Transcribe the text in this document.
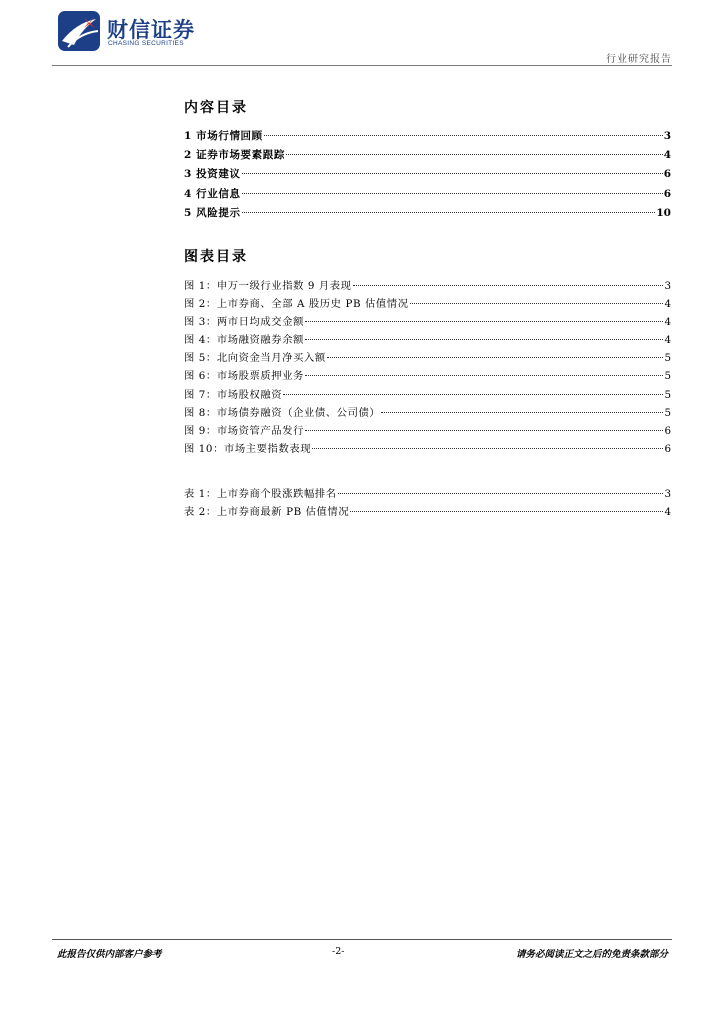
财信证券
CHASING SECURITIES
行业研究报告
内容目录
1 市场行情回顾	3
2 证券市场要素跟踪	4
3 投资建议	6
4 行业信息	6
5 风险提示	10
图表目录
图 1：申万一级行业指数 9 月表现	3
图 2：上市券商、全部 A 股历史 PB 估值情况	4
图 3：两市日均成交金额	4
图 4：市场融资融券余额	4
图 5：北向资金当月净买入额	5
图 6：市场股票质押业务	5
图 7：市场股权融资	5
图 8：市场债券融资（企业债、公司债）	5
图 9：市场资管产品发行	6
图 10：市场主要指数表现	6
表 1：上市券商个股涨跌幅排名	3
表 2：上市券商最新 PB 估值情况	4
此报告仅供内部客户参考	-2-	请务必阅读正文之后的免责条款部分
